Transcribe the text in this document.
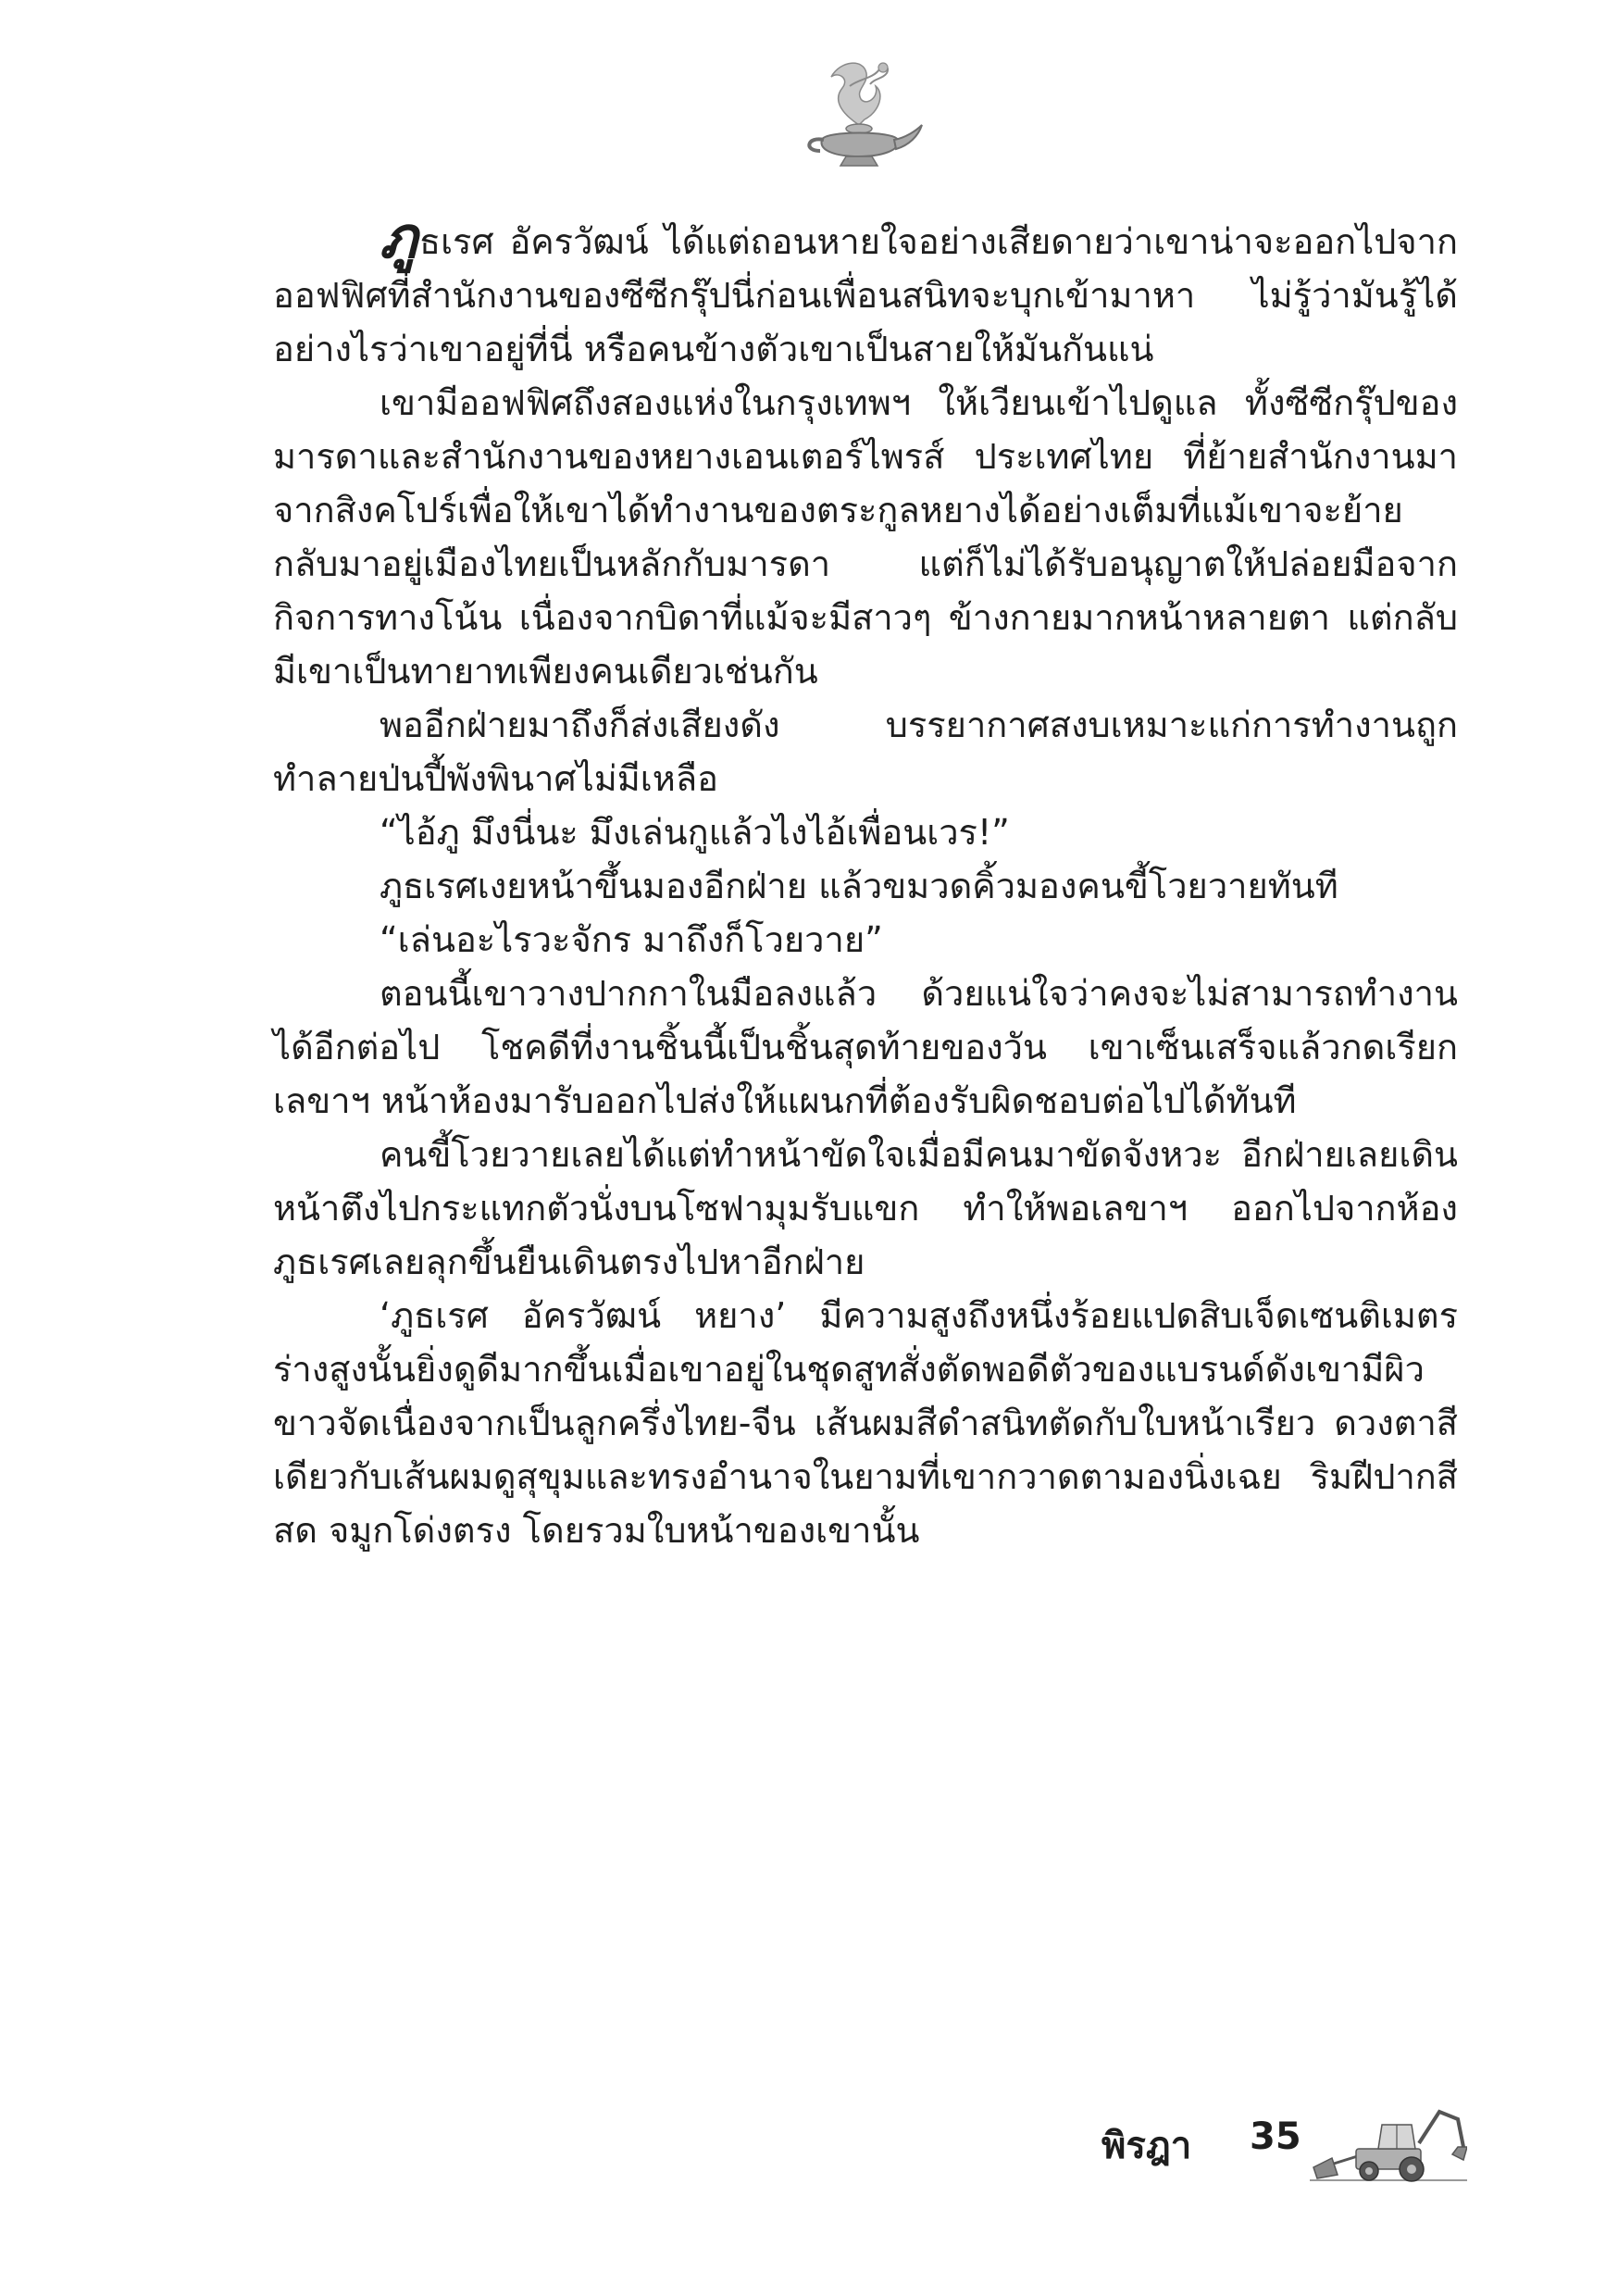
ภูธเรศ อัครวัฒน์ ได้แต่ถอนหายใจอย่างเสียดายว่าเขาน่าจะออกไปจากออฟฟิศที่สำนักงานของซีซีกรุ๊ปนี่ก่อนเพื่อนสนิทจะบุกเข้ามาหา ไม่รู้ว่ามันรู้ได้อย่างไรว่าเขาอยู่ที่นี่ หรือคนข้างตัวเขาเป็นสายให้มันกันแน่

เขามีออฟฟิศถึงสองแห่งในกรุงเทพฯ ให้เวียนเข้าไปดูแล ทั้งซีซีกรุ๊ปของมารดาและสำนักงานของหยางเอนเตอร์ไพรส์ ประเทศไทย ที่ย้ายสำนักงานมาจากสิงคโปร์เพื่อให้เขาได้ทำงานของตระกูลหยางได้อย่างเต็มที่แม้เขาจะย้ายกลับมาอยู่เมืองไทยเป็นหลักกับมารดา แต่ก็ไม่ได้รับอนุญาตให้ปล่อยมือจากกิจการทางโน้น เนื่องจากบิดาที่แม้จะมีสาวๆ ข้างกายมากหน้าหลายตา แต่กลับมีเขาเป็นทายาทเพียงคนเดียวเช่นกัน

พออีกฝ่ายมาถึงก็ส่งเสียงดัง บรรยากาศสงบเหมาะแก่การทำงานถูกทำลายป่นปี้พังพินาศไม่มีเหลือ

“ไอ้ภู มึงนี่นะ มึงเล่นกูแล้วไงไอ้เพื่อนเวร!”

ภูธเรศเงยหน้าขึ้นมองอีกฝ่าย แล้วขมวดคิ้วมองคนขี้โวยวายทันที

“เล่นอะไรวะจักร มาถึงก็โวยวาย”

ตอนนี้เขาวางปากกาในมือลงแล้ว ด้วยแน่ใจว่าคงจะไม่สามารถทำงานได้อีกต่อไป โชคดีที่งานชิ้นนี้เป็นชิ้นสุดท้ายของวัน เขาเซ็นเสร็จแล้วกดเรียกเลขาฯ หน้าห้องมารับออกไปส่งให้แผนกที่ต้องรับผิดชอบต่อไปได้ทันที

คนขี้โวยวายเลยได้แต่ทำหน้าขัดใจเมื่อมีคนมาขัดจังหวะ อีกฝ่ายเลยเดินหน้าตึงไปกระแทกตัวนั่งบนโซฟามุมรับแขก ทำให้พอเลขาฯ ออกไปจากห้อง ภูธเรศเลยลุกขึ้นยืนเดินตรงไปหาอีกฝ่าย

‘ภูธเรศ อัครวัฒน์ หยาง’ มีความสูงถึงหนึ่งร้อยแปดสิบเจ็ดเซนติเมตร ร่างสูงนั้นยิ่งดูดีมากขึ้นเมื่อเขาอยู่ในชุดสูทสั่งตัดพอดีตัวของแบรนด์ดังเขามีผิวขาวจัดเนื่องจากเป็นลูกครึ่งไทย-จีน เส้นผมสีดำสนิทตัดกับใบหน้าเรียว ดวงตาสีเดียวกับเส้นผมดูสุขุมและทรงอำนาจในยามที่เขากวาดตามองนิ่งเฉย ริมฝีปากสีสด จมูกโด่งตรง โดยรวมใบหน้าของเขานั้น

พิรฎา 35
